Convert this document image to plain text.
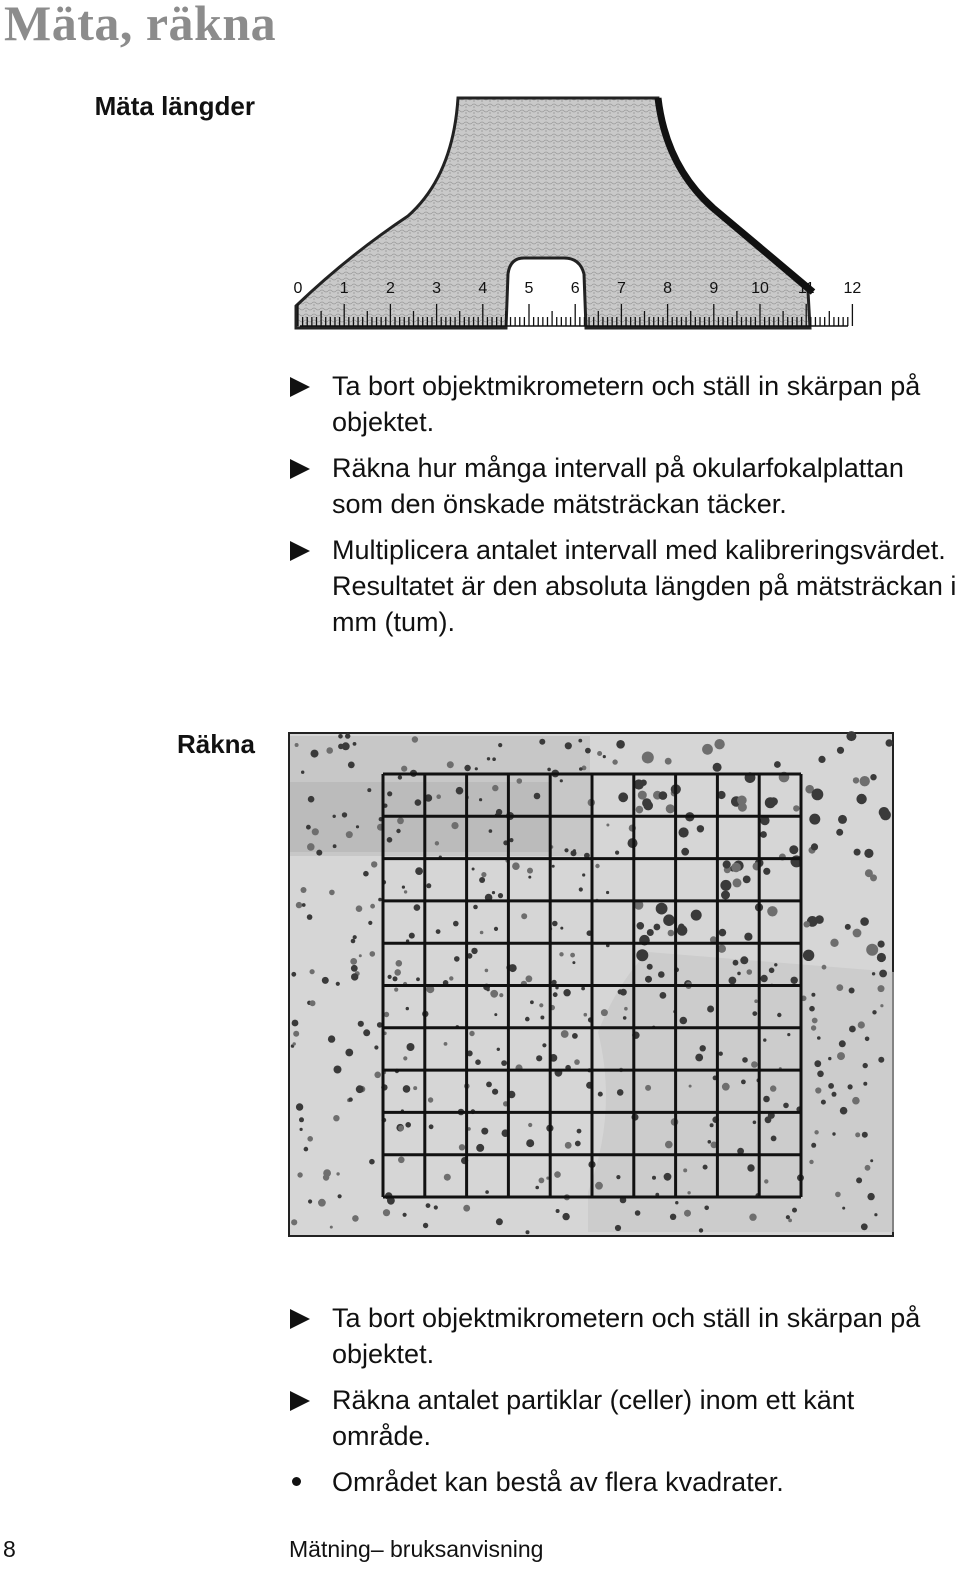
Mäta, räkna
Mäta längder
0 1 2 3 4 5 6 7 8 9 10 11 12
Ta bort objektmikrometern och ställ in skärpan på objektet.
Räkna hur många intervall på okularfokalplattan som den önskade mätsträckan täcker.
Multiplicera antalet intervall med kalibreringsvärdet. Resultatet är den absoluta längden på mätsträckan i mm (tum).
Räkna
Ta bort objektmikrometern och ställ in skärpan på objektet.
Räkna antalet partiklar (celler) inom ett känt område.
Området kan bestå av flera kvadrater.

8	Mätning– bruksanvisning
